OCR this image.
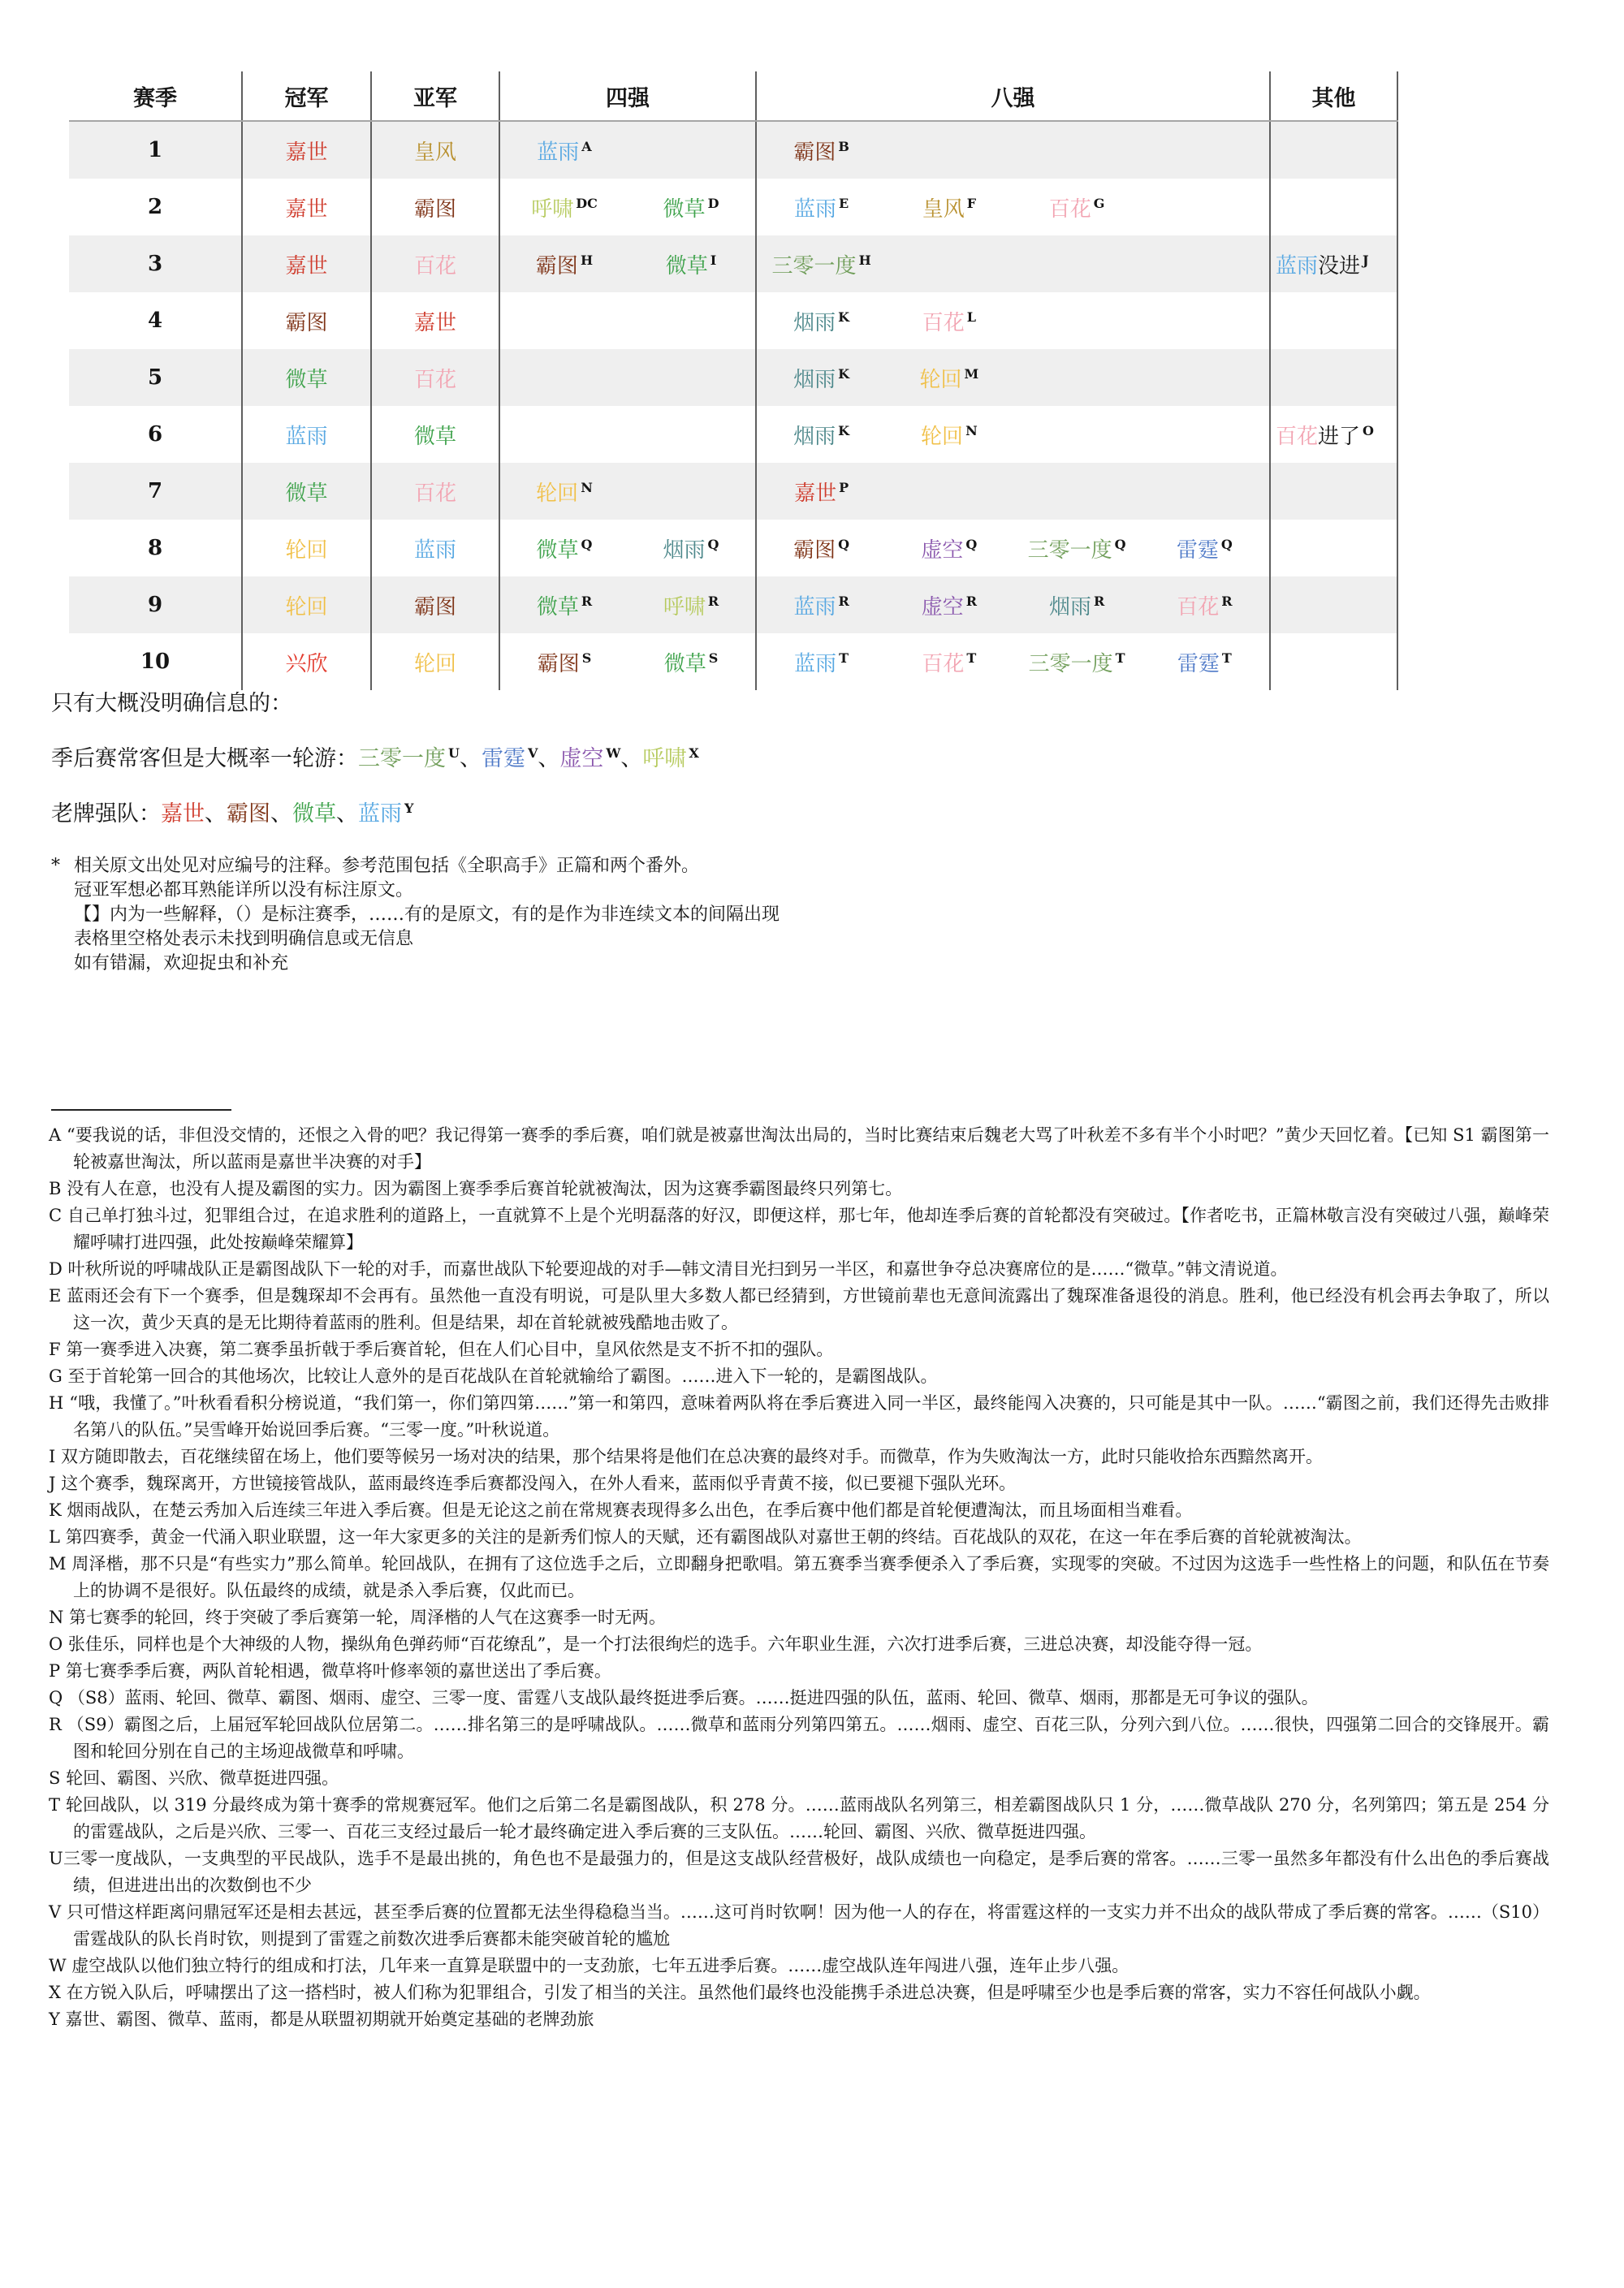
赛季	冠军	亚军	四强	八强	其他
1	嘉世	皇风	蓝雨 $^A$	霸图 $^B$

2	嘉世	霸图	呼啸 $^{DC}$	微草 $^D$	蓝雨 $^E$	皇风 $^F$	百花 $^G$

3	嘉世	百花	霸图 $^H$ 微草 $^I$	三零一度 $^H$	蓝雨没进 $^J$
4	霸图	嘉世		烟雨 $^K$ 百花 $^L$

5	微草	百花		烟雨 $^K$ 轮回 $^M$

6	蓝雨	微草		烟雨 $^K$ 轮回 $^N$	百花进了 $^O$
7	微草	百花	轮回 $^N$	嘉世 $^P$

8	轮回	蓝雨	微草 $^Q$	烟雨 $^Q$	霸图 $^Q$	虚空 $^Q$	三零一度 $^Q$	雷霆 $^Q$

9	轮回	霸图	微草 $^R$	呼啸 $^R$	蓝雨 $^R$	虚空 $^R$	烟雨 $^R$	百花 $^R$

10	兴欣	轮回	霸图 $^S$	微草 $^S$	蓝雨 $^T$	百花 $^T$	三零一度 $^T$	雷霆 $^T$

只有大概没明确信息的：
季后赛常客但是大概率一轮游：三零一度 $^U$、雷霆 $^V$、虚空 $^W$、呼啸 $^X$
老牌强队：嘉世、霸图、微草、蓝雨 $^Y$
* 相关原文出处见对应编号的注释。参考范围包括《全职高手》正篇和两个番外。
冠亚军想必都耳熟能详所以没有标注原文。
【】内为一些解释，（）是标注赛季，……有的是原文，有的是作为非连续文本的间隔出现
表格里空格处表示未找到明确信息或无信息
如有错漏，欢迎捉虫和补充
A “要我说的话，非但没交情的，还恨之入骨的吧？我记得第一赛季的季后赛，咱们就是被嘉世淘汰出局的，当时比赛结束后魏老大骂了叶秋差不多有半个小时吧？”黄少天回忆着。【已知 S1 霸图第一轮被嘉世淘汰，所以蓝雨是嘉世半决赛的对手】
B 没有人在意，也没有人提及霸图的实力。因为霸图上赛季季后赛首轮就被淘汰，因为这赛季霸图最终只列第七。
C 自己单打独斗过，犯罪组合过，在追求胜利的道路上，一直就算不上是个光明磊落的好汉，即便这样，那七年，他却连季后赛的首轮都没有突破过。【作者吃书，正篇林敬言没有突破过八强，巅峰荣耀呼啸打进四强，此处按巅峰荣耀算】
D 叶秋所说的呼啸战队正是霸图战队下一轮的对手，而嘉世战队下轮要迎战的对手—韩文清目光扫到另一半区，和嘉世争夺总决赛席位的是……“微草。”韩文清说道。
E 蓝雨还会有下一个赛季，但是魏琛却不会再有。虽然他一直没有明说，可是队里大多数人都已经猜到，方世镜前辈也无意间流露出了魏琛准备退役的消息。胜利，他已经没有机会再去争取了，所以这一次，黄少天真的是无比期待着蓝雨的胜利。但是结果，却在首轮就被残酷地击败了。
F 第一赛季进入决赛，第二赛季虽折戟于季后赛首轮，但在人们心目中，皇风依然是支不折不扣的强队。
G 至于首轮第一回合的其他场次，比较让人意外的是百花战队在首轮就输给了霸图。……进入下一轮的，是霸图战队。
H “哦，我懂了。”叶秋看看积分榜说道，“我们第一，你们第四第……”第一和第四，意味着两队将在季后赛进入同一半区，最终能闯入决赛的，只可能是其中一队。……“霸图之前，我们还得先击败排名第八的队伍。”吴雪峰开始说回季后赛。“三零一度。”叶秋说道。
I 双方随即散去，百花继续留在场上，他们要等候另一场对决的结果，那个结果将是他们在总决赛的最终对手。而微草，作为失败淘汰一方，此时只能收拾东西黯然离开。
J 这个赛季，魏琛离开，方世镜接管战队，蓝雨最终连季后赛都没闯入，在外人看来，蓝雨似乎青黄不接，似已要褪下强队光环。
K 烟雨战队，在楚云秀加入后连续三年进入季后赛。但是无论这之前在常规赛表现得多么出色，在季后赛中他们都是首轮便遭淘汰，而且场面相当难看。
L 第四赛季，黄金一代涌入职业联盟，这一年大家更多的关注的是新秀们惊人的天赋，还有霸图战队对嘉世王朝的终结。百花战队的双花，在这一年在季后赛的首轮就被淘汰。
M 周泽楷，那不只是“有些实力”那么简单。轮回战队，在拥有了这位选手之后，立即翻身把歌唱。第五赛季当赛季便杀入了季后赛，实现零的突破。不过因为这选手一些性格上的问题，和队伍在节奏上的协调不是很好。队伍最终的成绩，就是杀入季后赛，仅此而已。
N 第七赛季的轮回，终于突破了季后赛第一轮，周泽楷的人气在这赛季一时无两。
O 张佳乐，同样也是个大神级的人物，操纵角色弹药师“百花缭乱”，是一个打法很绚烂的选手。六年职业生涯，六次打进季后赛，三进总决赛，却没能夺得一冠。
P 第七赛季季后赛，两队首轮相遇，微草将叶修率领的嘉世送出了季后赛。
Q （S8）蓝雨、轮回、微草、霸图、烟雨、虚空、三零一度、雷霆八支战队最终挺进季后赛。……挺进四强的队伍，蓝雨、轮回、微草、烟雨，那都是无可争议的强队。
R （S9）霸图之后，上届冠军轮回战队位居第二。……排名第三的是呼啸战队。……微草和蓝雨分列第四第五。……烟雨、虚空、百花三队，分列六到八位。……很快，四强第二回合的交锋展开。霸图和轮回分别在自己的主场迎战微草和呼啸。
S 轮回、霸图、兴欣、微草挺进四强。
T 轮回战队，以 319 分最终成为第十赛季的常规赛冠军。他们之后第二名是霸图战队，积 278 分。……蓝雨战队名列第三，相差霸图战队只 1 分，……微草战队 270 分，名列第四；第五是 254 分的雷霆战队，之后是兴欣、三零一、百花三支经过最后一轮才最终确定进入季后赛的三支队伍。……轮回、霸图、兴欣、微草挺进四强。
U三零一度战队，一支典型的平民战队，选手不是最出挑的，角色也不是最强力的，但是这支战队经营极好，战队成绩也一向稳定，是季后赛的常客。……三零一虽然多年都没有什么出色的季后赛战绩，但进进出出的次数倒也不少
V 只可惜这样距离问鼎冠军还是相去甚远，甚至季后赛的位置都无法坐得稳稳当当。……这可肖时钦啊！因为他一人的存在，将雷霆这样的一支实力并不出众的战队带成了季后赛的常客。……（S10）雷霆战队的队长肖时钦，则提到了雷霆之前数次进季后赛都未能突破首轮的尴尬
W 虚空战队以他们独立特行的组成和打法，几年来一直算是联盟中的一支劲旅，七年五进季后赛。……虚空战队连年闯进八强，连年止步八强。
X 在方锐入队后，呼啸摆出了这一搭档时，被人们称为犯罪组合，引发了相当的关注。虽然他们最终也没能携手杀进总决赛，但是呼啸至少也是季后赛的常客，实力不容任何战队小觑。
Y 嘉世、霸图、微草、蓝雨，都是从联盟初期就开始奠定基础的老牌劲旅
